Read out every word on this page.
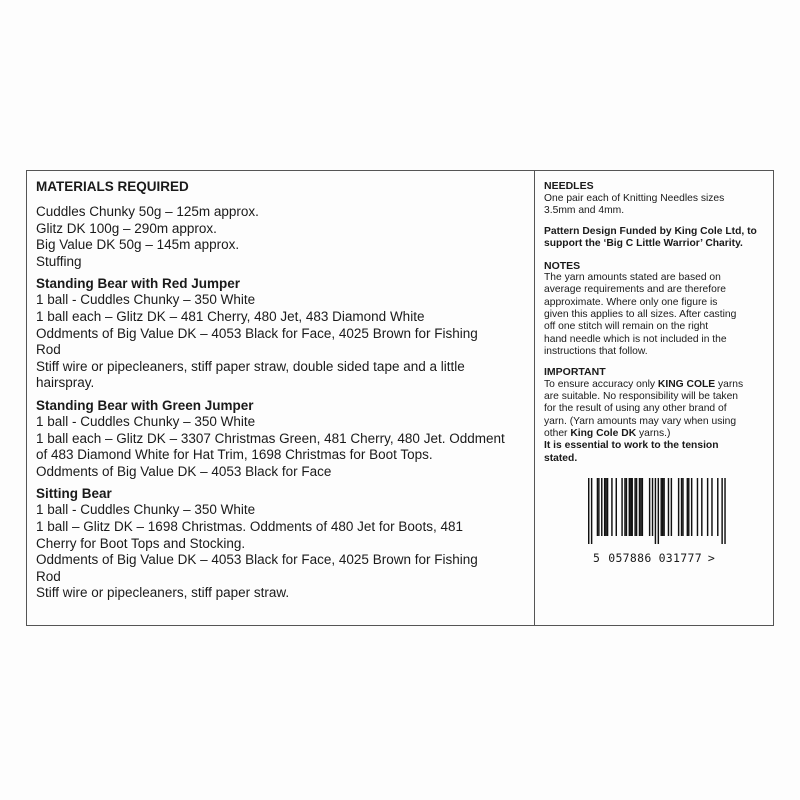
MATERIALS REQUIRED
Cuddles Chunky 50g – 125m approx.
Glitz DK 100g – 290m approx.
Big Value DK 50g – 145m approx.
Stuffing
Standing Bear with Red Jumper
1 ball - Cuddles Chunky – 350 White
1 ball each – Glitz DK – 481 Cherry, 480 Jet, 483 Diamond White
Oddments of Big Value DK – 4053 Black for Face, 4025 Brown for Fishing
Rod
Stiff wire or pipecleaners, stiff paper straw, double sided tape and a little
hairspray.
Standing Bear with Green Jumper
1 ball - Cuddles Chunky – 350 White
1 ball each – Glitz DK – 3307 Christmas Green, 481 Cherry, 480 Jet. Oddment
of 483 Diamond White for Hat Trim, 1698 Christmas for Boot Tops.
Oddments of Big Value DK – 4053 Black for Face
Sitting Bear
1 ball - Cuddles Chunky – 350 White
1 ball – Glitz DK – 1698 Christmas. Oddments of 480 Jet for Boots, 481
Cherry for Boot Tops and Stocking.
Oddments of Big Value DK – 4053 Black for Face, 4025 Brown for Fishing
Rod
Stiff wire or pipecleaners, stiff paper straw.
NEEDLES
One pair each of Knitting Needles sizes
3.5mm and 4mm.
Pattern Design Funded by King Cole Ltd, to
support the ‘Big C Little Warrior’ Charity.
NOTES
The yarn amounts stated are based on
average requirements and are therefore
approximate. Where only one figure is
given this applies to all sizes. After casting
off one stitch will remain on the right
hand needle which is not included in the
instructions that follow.
IMPORTANT
To ensure accuracy only KING COLE yarns
are suitable. No responsibility will be taken
for the result of using any other brand of
yarn. (Yarn amounts may vary when using
other King Cole DK yarns.)
It is essential to work to the tension
stated.
5 057886 031777 >
